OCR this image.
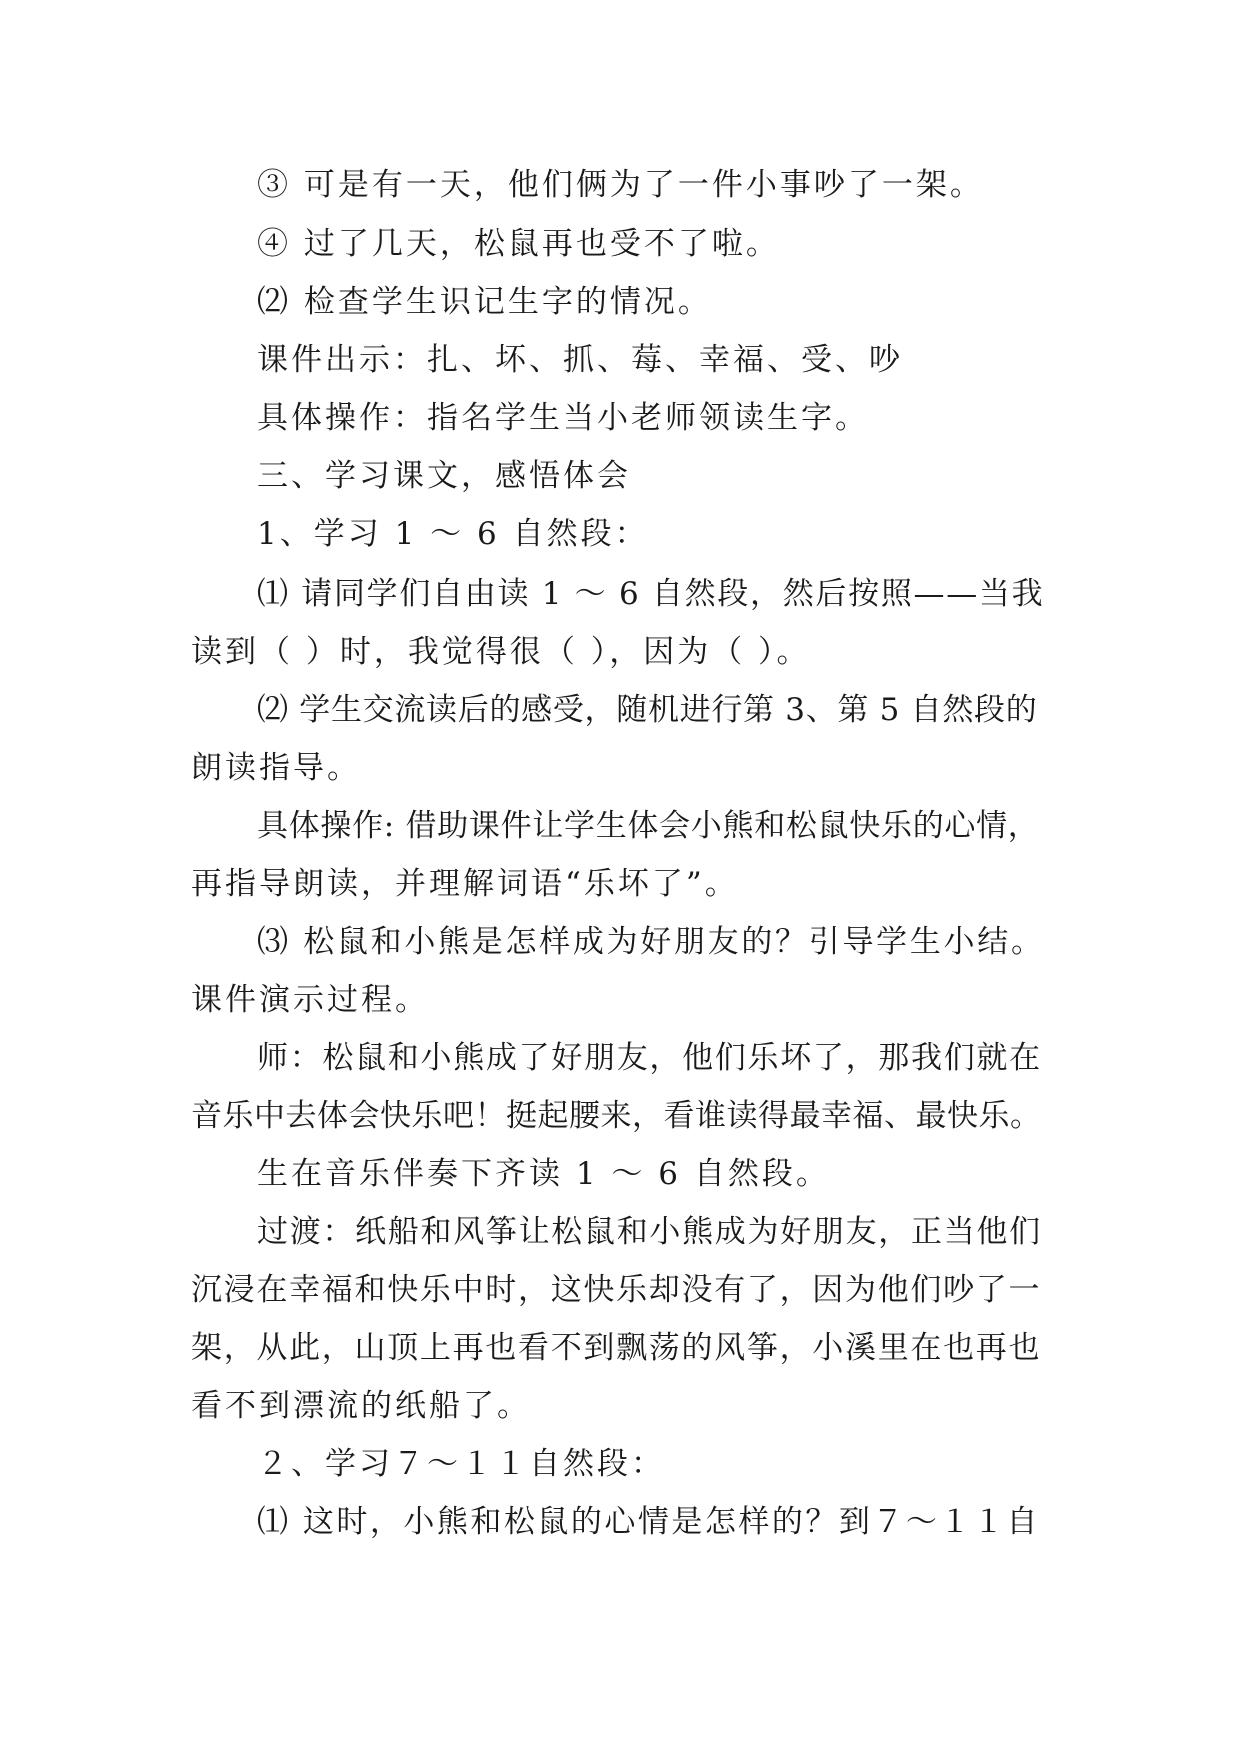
③ 可是有一天，他们俩为了一件小事吵了一架。
④ 过了几天，松鼠再也受不了啦。
⑵ 检查学生识记生字的情况。
课件出示：扎、坏、抓、莓、幸福、受、吵
具体操作：指名学生当小老师领读生字。
三、学习课文，感悟体会
1、学习 1 ～ 6 自然段：
⑴ 请同学们自由读 1 ～ 6 自然段，然后按照——当我
读到（ ）时，我觉得很（ ），因为（ ）。
⑵ 学生交流读后的感受，随机进行第 3、第 5 自然段的
朗读指导。
具体操作: 借助课件让学生体会小熊和松鼠快乐的心情，
再指导朗读，并理解词语“乐坏了”。
⑶ 松鼠和小熊是怎样成为好朋友的？引导学生小结。
课件演示过程。
师：松鼠和小熊成了好朋友，他们乐坏了，那我们就在
音乐中去体会快乐吧！挺起腰来，看谁读得最幸福、最快乐。
生在音乐伴奏下齐读 1 ～ 6 自然段。
过渡：纸船和风筝让松鼠和小熊成为好朋友，正当他们
沉浸在幸福和快乐中时，这快乐却没有了，因为他们吵了一
架，从此，山顶上再也看不到飘荡的风筝，小溪里在也再也
看不到漂流的纸船了。
２、学习７～１１自然段：
⑴ 这时，小熊和松鼠的心情是怎样的？到７～１１自
